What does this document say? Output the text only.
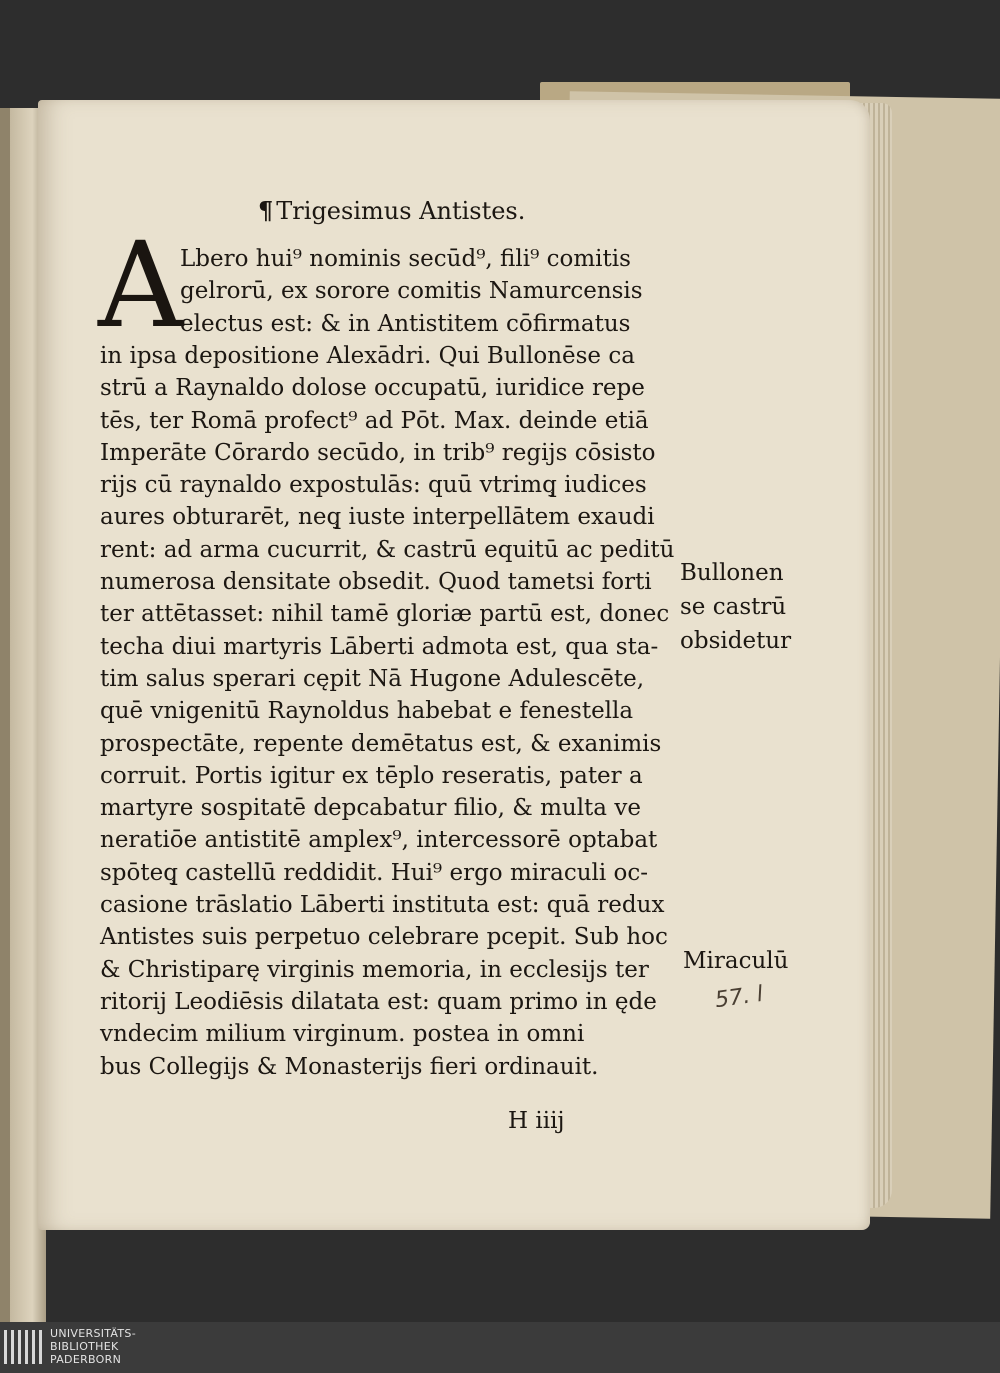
¶ Trigesimus Antistes.
A
Bullonen
se castrū
obsidetur
Miraculū
57. l
H iiij
Lbero hui⁹ nominis secūd⁹, fili⁹ comitis
gelrorū, ex sorore comitis Namurcensis
electus est: & in Antistitem cōfirmatus
in ipsa depositione Alexādri. Qui Bullonēse ca
strū a Raynaldo dolose occupatū, iuridice repe
tēs, ter Romā profect⁹ ad Pōt. Max. deinde etiā
Imperāte Cōrardo secūdo, in trib⁹ regijs cōsisto
rijs cū raynaldo expostulās: quū vtrimq̧ iudices
aures obturarēt, neq̧ iuste interpellātem exaudi
rent: ad arma cucurrit, & castrū equitū ac peditū
numerosa densitate obsedit. Quod tametsi forti
ter attētasset: nihil tamē gloriæ partū est, donec
techa diui martyris Lāberti admota est, qua sta-
tim salus sperari cępit Nā Hugone Adulescēte,
quē vnigenitū Raynoldus habebat e fenestella
prospectāte, repente demētatus est, & exanimis
corruit. Portis igitur ex tēplo reseratis, pater a
martyre sospitatē depcabatur filio, & multa ve
neratiōe antistitē amplex⁹, intercessorē optabat
spōteq̧ castellū reddidit. Hui⁹ ergo miraculi oc-
casione trāslatio Lāberti instituta est: quā redux
Antistes suis perpetuo celebrare pcepit. Sub hoc
& Christiparę virginis memoria, in ecclesijs ter
ritorij Leodiēsis dilatata est: quam primo in ęde
vndecim milium virginum. postea in omni
bus Collegijs & Monasterijs fieri ordinauit.
UNIVERSITÄTS-
BIBLIOTHEK
PADERBORN
